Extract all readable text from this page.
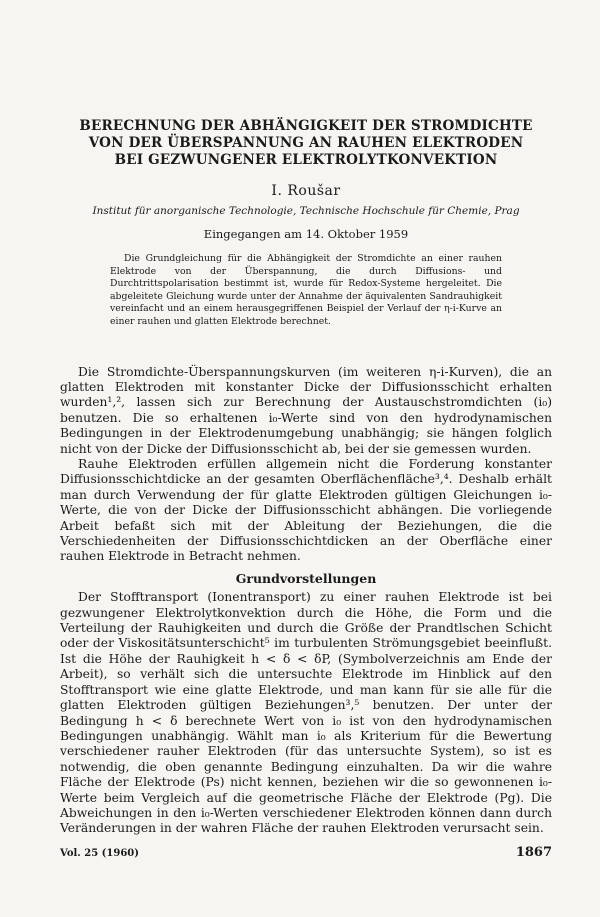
BERECHNUNG DER ABHÄNGIGKEIT DER STROMDICHTE
VON DER ÜBERSPANNUNG AN RAUHEN ELEKTRODEN
BEI GEZWUNGENER ELEKTROLYTKONVEKTION
I. Roušar
Institut für anorganische Technologie, Technische Hochschule für Chemie, Prag
Eingegangen am 14. Oktober 1959
Die Grundgleichung für die Abhängigkeit der Stromdichte an einer rauhen Elektrode von der Überspannung, die durch Diffusions- und Durchtrittspolarisation bestimmt ist, wurde für Redox-Systeme hergeleitet. Die abgeleitete Gleichung wurde unter der Annahme der äquivalenten Sandrauhigkeit vereinfacht und an einem herausgegriffenen Beispiel der Verlauf der η-i-Kurve an einer rauhen und glatten Elektrode berechnet.

Die Stromdichte-Überspannungskurven (im weiteren η-i-Kurven), die an glatten Elektroden mit konstanter Dicke der Diffusionsschicht erhalten wurden¹,², lassen sich zur Berechnung der Austauschstromdichten (i₀) benutzen. Die so erhaltenen i₀-Werte sind von den hydrodynamischen Bedingungen in der Elektrodenumgebung unabhängig; sie hängen folglich nicht von der Dicke der Diffusionsschicht ab, bei der sie gemessen wurden.

Rauhe Elektroden erfüllen allgemein nicht die Forderung konstanter Diffusionsschichtdicke an der gesamten Oberflächenfläche³,⁴. Deshalb erhält man durch Verwendung der für glatte Elektroden gültigen Gleichungen i₀-Werte, die von der Dicke der Diffusionsschicht abhängen. Die vorliegende Arbeit befaßt sich mit der Ableitung der Beziehungen, die die Verschiedenheiten der Diffusionsschichtdicken an der Oberfläche einer rauhen Elektrode in Betracht nehmen.

Grundvorstellungen

Der Stofftransport (Ionentransport) zu einer rauhen Elektrode ist bei gezwungener Elektrolytkonvektion durch die Höhe, die Form und die Verteilung der Rauhigkeiten und durch die Größe der Prandtlschen Schicht oder der Viskositätsunterschicht⁵ im turbulenten Strömungsgebiet beeinflußt. Ist die Höhe der Rauhigkeit h < δ < δP, (Symbolverzeichnis am Ende der Arbeit), so verhält sich die untersuchte Elektrode im Hinblick auf den Stofftransport wie eine glatte Elektrode, und man kann für sie alle für die glatten Elektroden gültigen Beziehungen³,⁵ benutzen. Der unter der Bedingung h < δ berechnete Wert von i₀ ist von den hydrodynamischen Bedingungen unabhängig. Wählt man i₀ als Kriterium für die Bewertung verschiedener rauher Elektroden (für das untersuchte System), so ist es notwendig, die oben genannte Bedingung einzuhalten. Da wir die wahre Fläche der Elektrode (Ps) nicht kennen, beziehen wir die so gewonnenen i₀-Werte beim Vergleich auf die geometrische Fläche der Elektrode (Pg). Die Abweichungen in den i₀-Werten verschiedener Elektroden können dann durch Veränderungen in der wahren Fläche der rauhen Elektroden verursacht sein.

Vol. 25 (1960)	1867
